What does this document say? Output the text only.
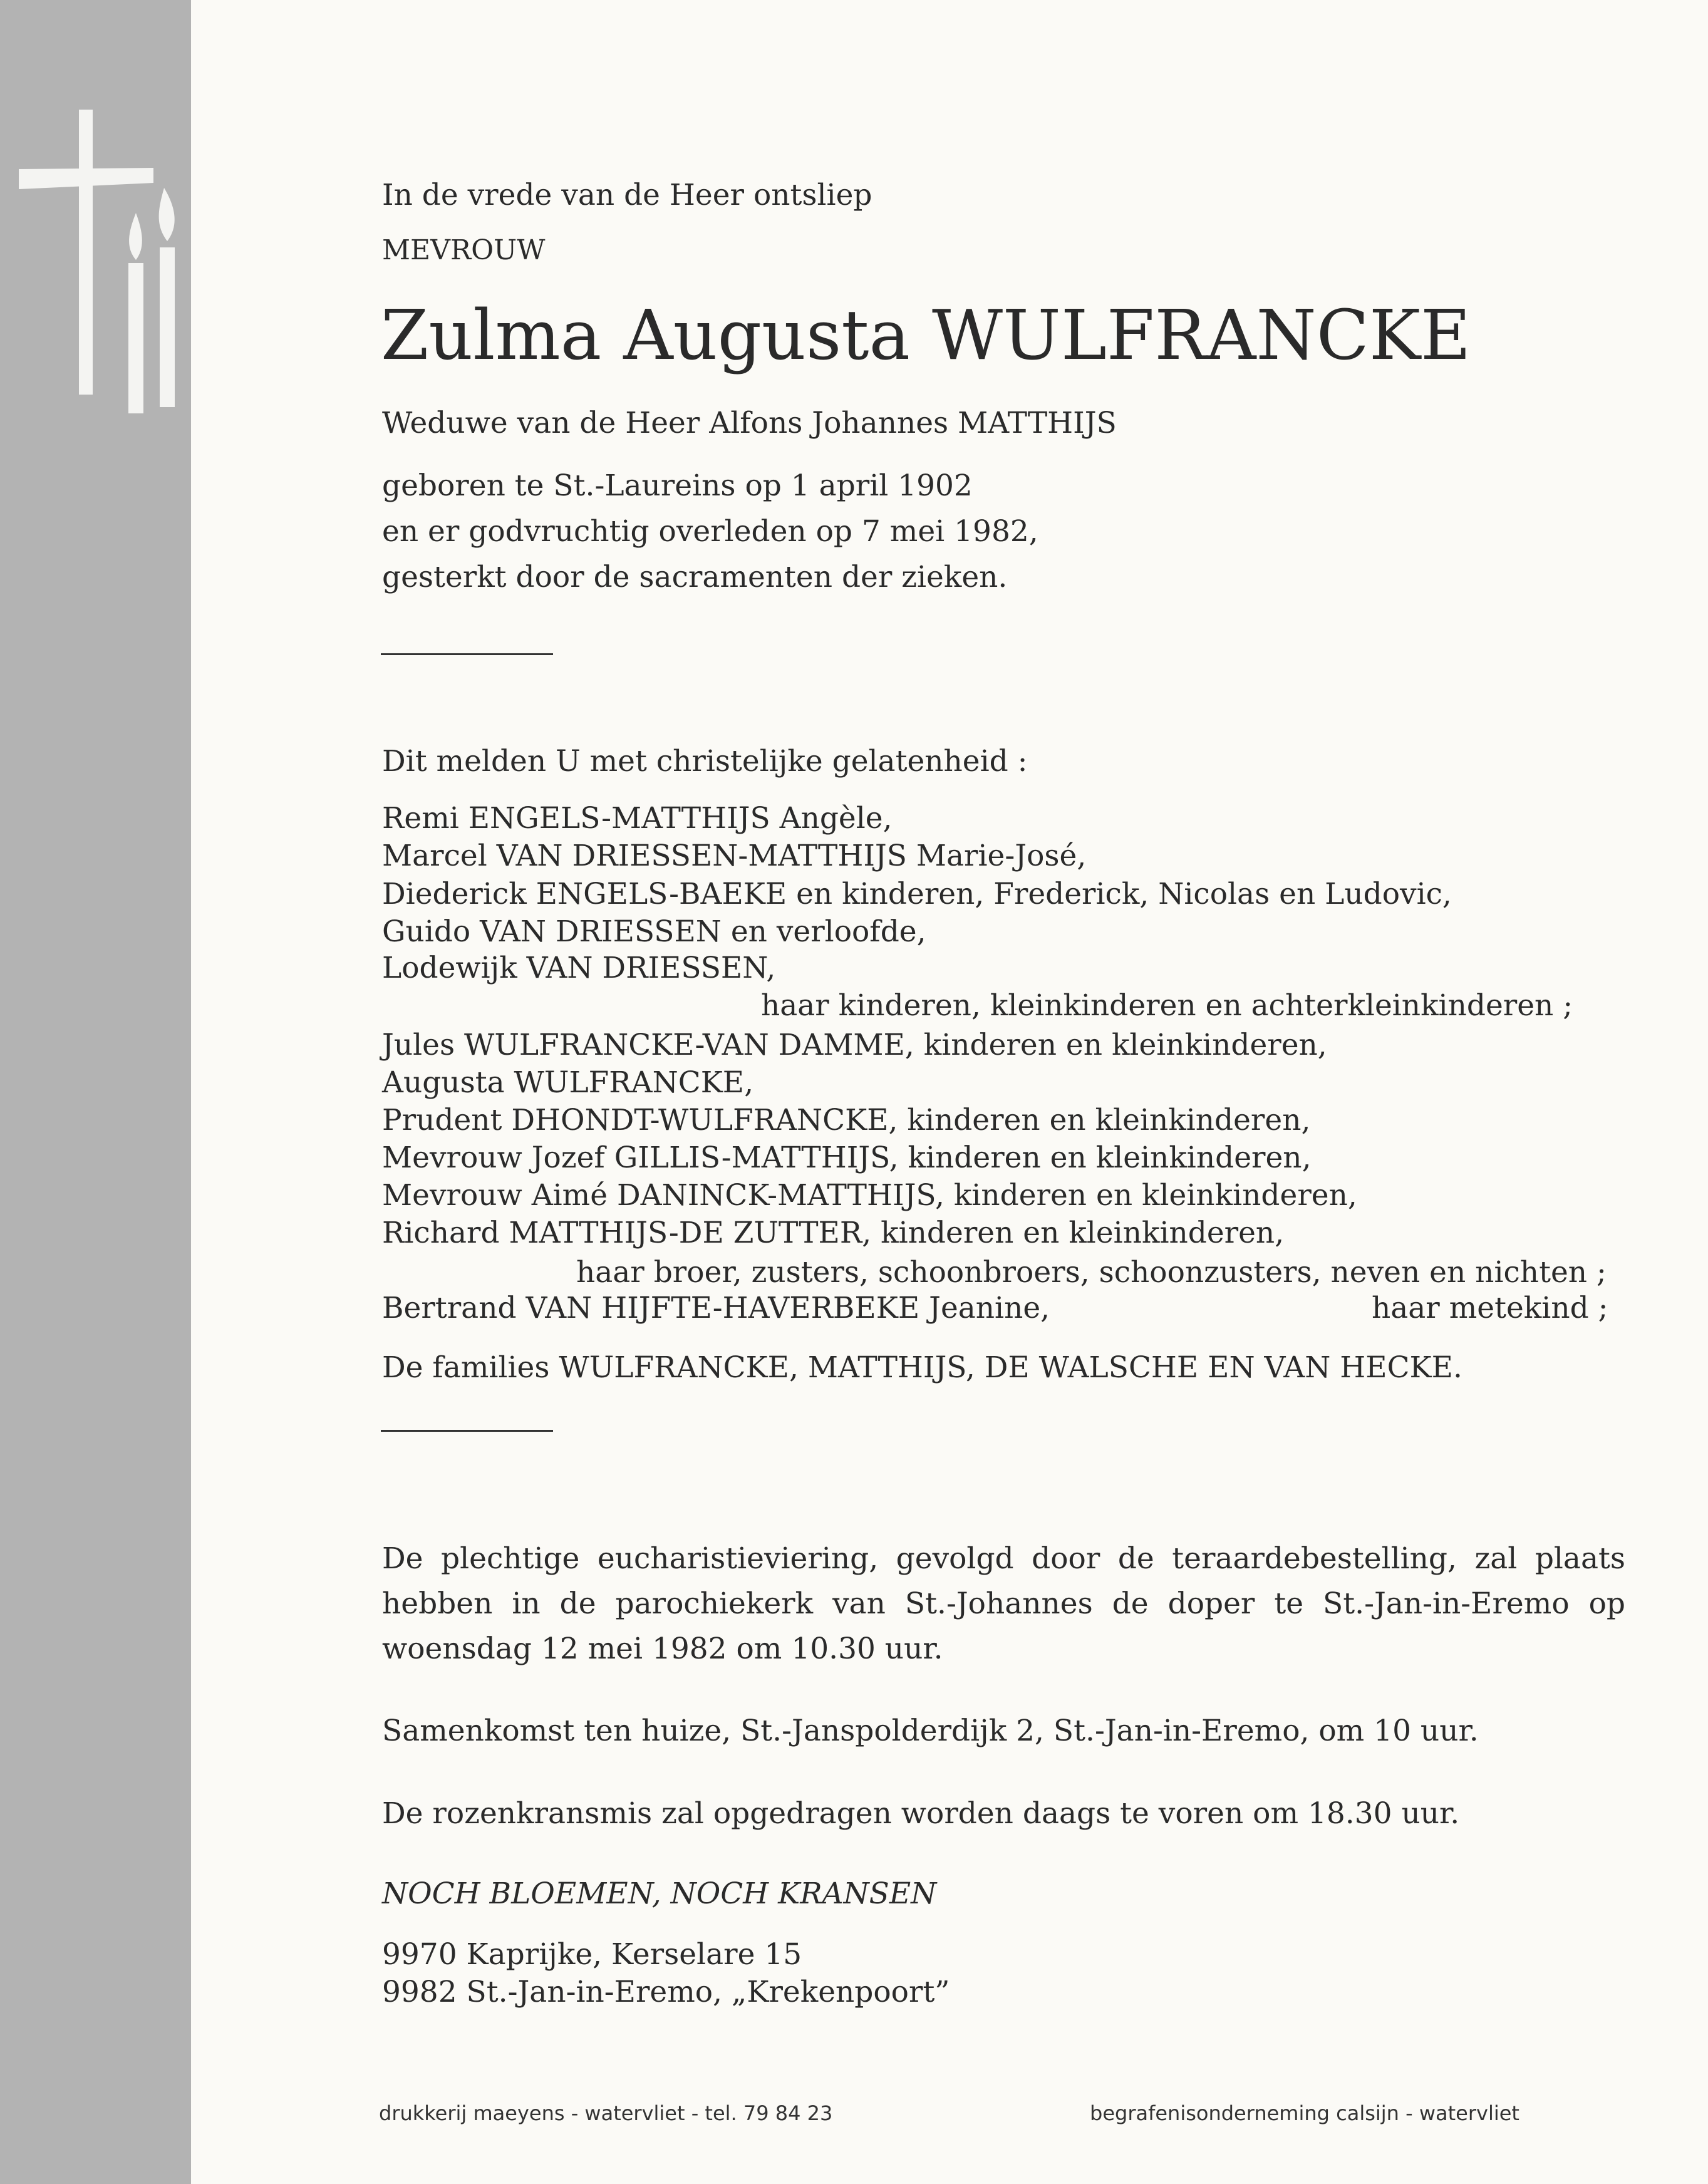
In de vrede van de Heer ontsliep
MEVROUW
Zulma Augusta WULFRANCKE
Weduwe van de Heer Alfons Johannes MATTHIJS
geboren te St.-Laureins op 1 april 1902
en er godvruchtig overleden op 7 mei 1982,
gesterkt door de sacramenten der zieken.
Dit melden U met christelijke gelatenheid :
Remi ENGELS-MATTHIJS Angèle,
Marcel VAN DRIESSEN-MATTHIJS Marie-José,
Diederick ENGELS-BAEKE en kinderen, Frederick, Nicolas en Ludovic,
Guido VAN DRIESSEN en verloofde,
Lodewijk VAN DRIESSEN,
haar kinderen, kleinkinderen en achterkleinkinderen ;
Jules WULFRANCKE-VAN DAMME, kinderen en kleinkinderen,
Augusta WULFRANCKE,
Prudent DHONDT-WULFRANCKE, kinderen en kleinkinderen,
Mevrouw Jozef GILLIS-MATTHIJS, kinderen en kleinkinderen,
Mevrouw Aimé DANINCK-MATTHIJS, kinderen en kleinkinderen,
Richard MATTHIJS-DE ZUTTER, kinderen en kleinkinderen,
haar broer, zusters, schoonbroers, schoonzusters, neven en nichten ;
Bertrand VAN HIJFTE-HAVERBEKE Jeanine,	haar metekind ;
De families WULFRANCKE, MATTHIJS, DE WALSCHE EN VAN HECKE.
De plechtige eucharistieviering, gevolgd door de teraardebestelling, zal plaats hebben in de parochiekerk van St.-Johannes de doper te St.-Jan-in-Eremo op woensdag 12 mei 1982 om 10.30 uur.
Samenkomst ten huize, St.-Janspolderdijk 2, St.-Jan-in-Eremo, om 10 uur.
De rozenkransmis zal opgedragen worden daags te voren om 18.30 uur.
NOCH BLOEMEN, NOCH KRANSEN
9970 Kaprijke, Kerselare 15
9982 St.-Jan-in-Eremo, „Krekenpoort”
drukkerij maeyens - watervliet - tel. 79 84 23	begrafenisonderneming calsijn - watervliet
